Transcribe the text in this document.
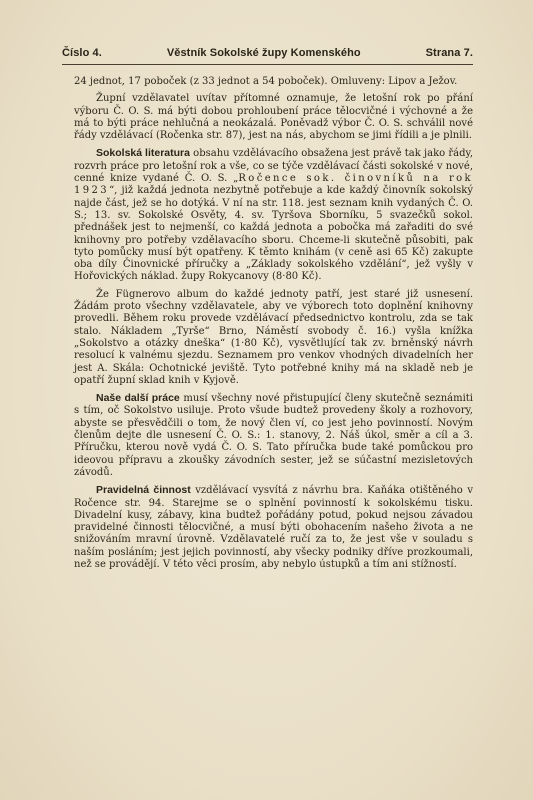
Číslo 4.	Věstník Sokolské župy Komenského	Strana 7.

24 jednot, 17 poboček (z 33 jednot a 54 poboček). Omluveny: Lipov a Ježov.

Župní vzdělavatel uvítav přítomné oznamuje, že letošní rok po přání výboru Č. O. S. má býti dobou prohloubení práce tělocvičné i výchovné a že má to býti práce nehlučná a neokázalá. Poněvadž výbor Č. O. S. schválil nové řády vzdělávací (Ročenka str. 87), jest na nás, abychom se jimi řídili a je plnili.

Sokolská literatura obsahu vzdělávacího obsažena jest právě tak jako řády, rozvrh práce pro letošní rok a vše, co se týče vzdělávací části sokolské v nové, cenné knize vydané Č. O. S. „Ročence sok. činovníků na rok 1923“, již každá jednota nezbytně potřebuje a kde každý činovník sokolský najde část, jež se ho dotýká. V ní na str. 118. jest seznam knih vydaných Č. O. S.; 13. sv. Sokolské Osvěty, 4. sv. Tyršova Sborníku, 5 svazečků sokol. přednášek jest to nejmenší, co každá jednota a pobočka má zařaditi do své knihovny pro potřeby vzdělavacího sboru. Chceme-li skutečně působiti, pak tyto pomůcky musí být opatřeny. K těmto knihám (v ceně asi 65 Kč) zakupte oba díly Činovnické příručky a „Základy sokolského vzdělání“, jež vyšly v Hořovických náklad. župy Rokycanovy (8·80 Kč).

Že Fügnerovo album do každé jednoty patří, jest staré již usnesení. Žádám proto všechny vzdělavatele, aby ve výborech toto doplnění knihovny provedli. Během roku provede vzdělávací předsednictvo kontrolu, zda se tak stalo. Nákladem „Tyrše“ Brno, Náměstí svobody č. 16.) vyšla knížka „Sokolstvo a otázky dneška“ (1·80 Kč), vysvětlující tak zv. brněnský návrh resolucí k valnému sjezdu. Seznamem pro venkov vhodných divadelních her jest A. Skála: Ochotnické jeviště. Tyto potřebné knihy má na skladě neb je opatří župní sklad knih v Kyjově.

Naše další práce musí všechny nové přistupující členy skutečně seznámiti s tím, oč Sokolstvo usiluje. Proto všude budtež provedeny školy a rozhovory, abyste se přesvědčili o tom, že nový člen ví, co jest jeho povinností. Novým členům dejte dle usnesení Č. O. S.: 1. stanovy, 2. Náš úkol, směr a cíl a 3. Příručku, kterou nově vydá Č. O. S. Tato příručka bude také pomůckou pro ideovou přípravu a zkoušky závodních sester, jež se súčastní mezisletových závodů.

Pravidelná činnost vzdělávací vysvítá z návrhu bra. Kaňáka otištěného v Ročence str. 94. Starejme se o splnění povinností k sokolskému tisku. Divadelní kusy, zábavy, kina budtež pořádány potud, pokud nejsou závadou pravidelné činnosti tělocvičné, a musí býti obohacením našeho života a ne snižováním mravní úrovně. Vzdělavatelé ručí za to, že jest vše v souladu s naším posláním; jest jejich povinností, aby všecky podniky dříve prozkoumali, než se provádějí. V této věci prosím, aby nebylo ústupků a tím ani stížností.
